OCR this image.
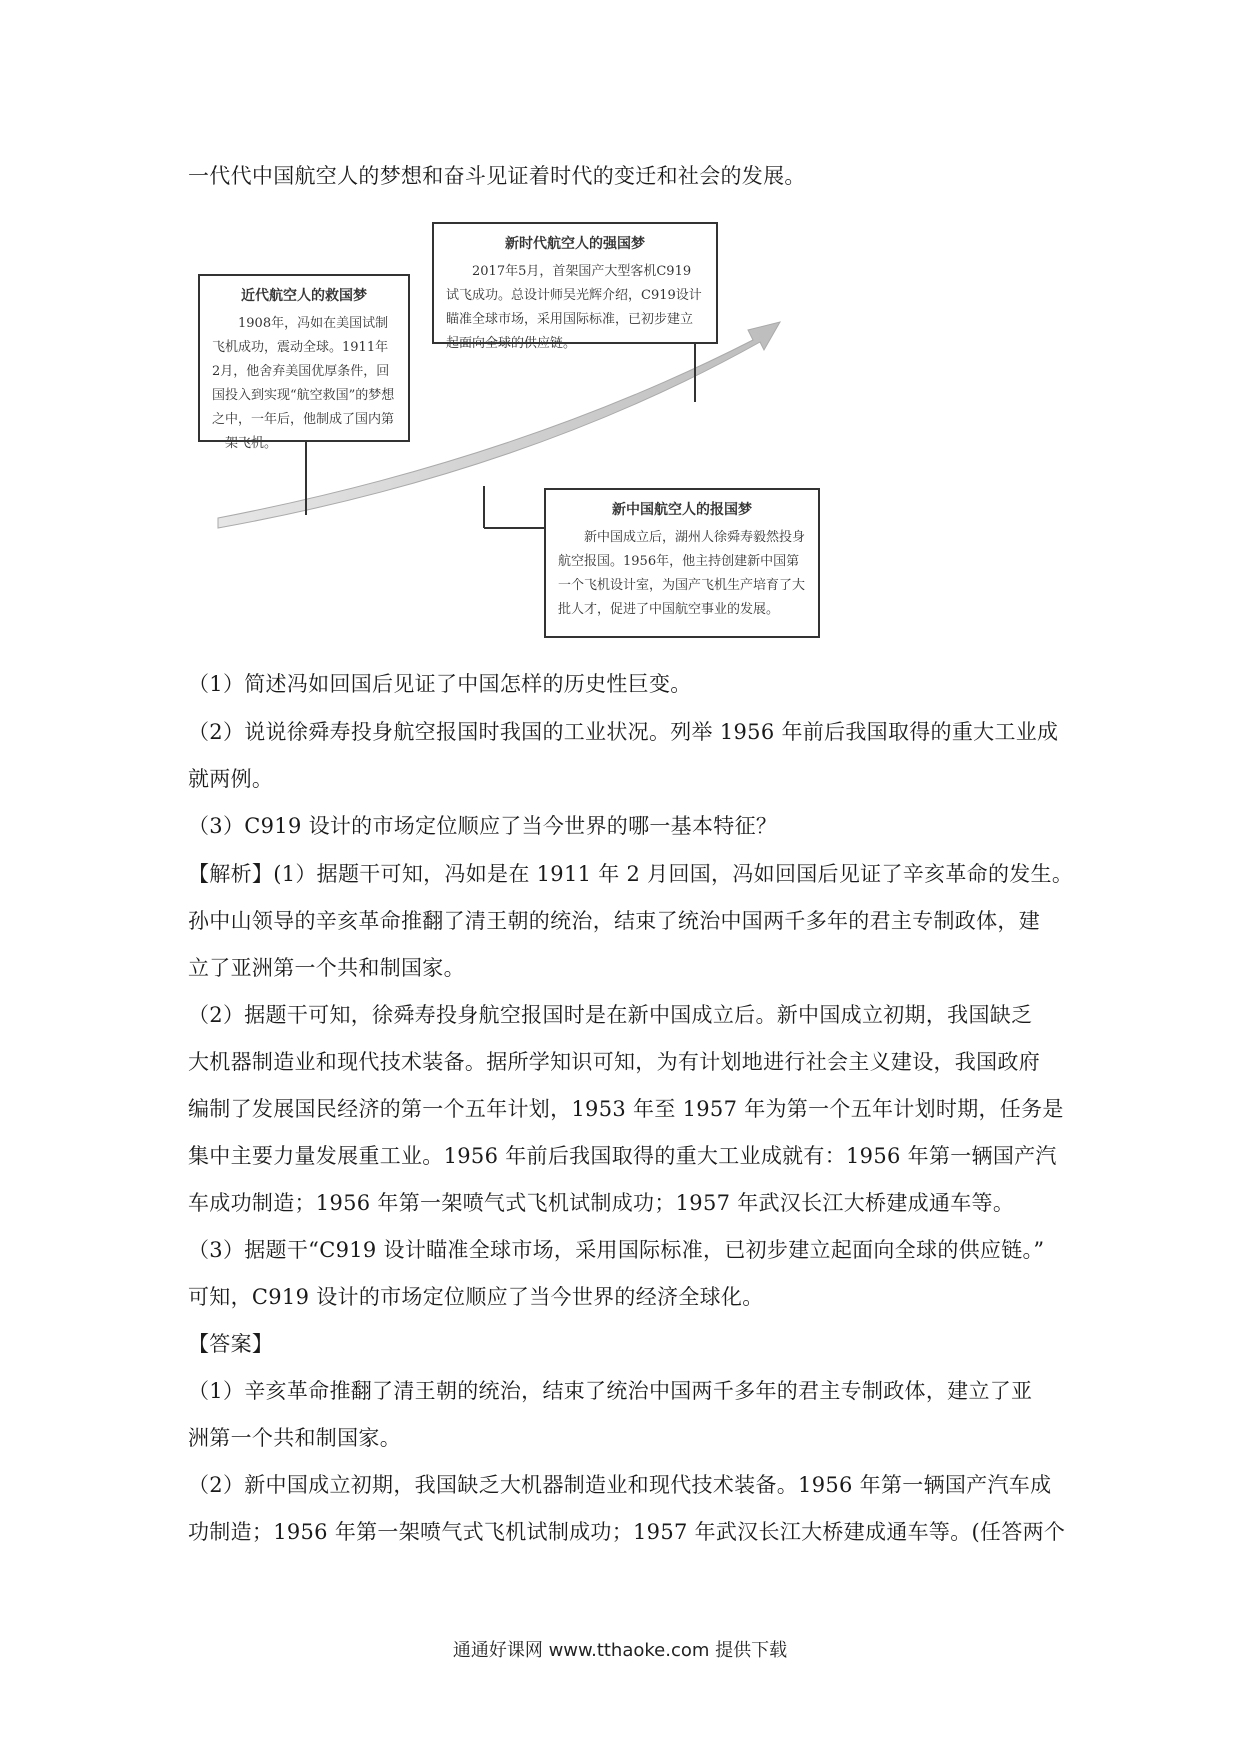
一代代中国航空人的梦想和奋斗见证着时代的变迁和社会的发展。
近代航空人的救国梦
1908年，冯如在美国试制飞机成功，震动全球。1911年2月，他舍弃美国优厚条件，回国投入到实现“航空救国”的梦想之中，一年后，他制成了国内第一架飞机。
新时代航空人的强国梦
2017年5月，首架国产大型客机C919试飞成功。总设计师吴光辉介绍，C919设计瞄准全球市场，采用国际标准，已初步建立起面向全球的供应链。
新中国航空人的报国梦
新中国成立后，湖州人徐舜寿毅然投身航空报国。1956年，他主持创建新中国第一个飞机设计室，为国产飞机生产培育了大批人才，促进了中国航空事业的发展。
（1）简述冯如回国后见证了中国怎样的历史性巨变。
（2）说说徐舜寿投身航空报国时我国的工业状况。列举 1956 年前后我国取得的重大工业成
就两例。
（3）C919 设计的市场定位顺应了当今世界的哪一基本特征？
【解析】(1）据题干可知，冯如是在 1911 年 2 月回国，冯如回国后见证了辛亥革命的发生。
孙中山领导的辛亥革命推翻了清王朝的统治，结束了统治中国两千多年的君主专制政体，建
立了亚洲第一个共和制国家。
（2）据题干可知，徐舜寿投身航空报国时是在新中国成立后。新中国成立初期，我国缺乏
大机器制造业和现代技术装备。据所学知识可知，为有计划地进行社会主义建设，我国政府
编制了发展国民经济的第一个五年计划，1953 年至 1957 年为第一个五年计划时期，任务是
集中主要力量发展重工业。1956 年前后我国取得的重大工业成就有：1956 年第一辆国产汽
车成功制造；1956 年第一架喷气式飞机试制成功；1957 年武汉长江大桥建成通车等。
（3）据题干“C919 设计瞄准全球市场，采用国际标准，已初步建立起面向全球的供应链。”
可知，C919 设计的市场定位顺应了当今世界的经济全球化。
【答案】
（1）辛亥革命推翻了清王朝的统治，结束了统治中国两千多年的君主专制政体，建立了亚
洲第一个共和制国家。
（2）新中国成立初期，我国缺乏大机器制造业和现代技术装备。1956 年第一辆国产汽车成
功制造；1956 年第一架喷气式飞机试制成功；1957 年武汉长江大桥建成通车等。(任答两个
通通好课网 www.tthaoke.com 提供下载
